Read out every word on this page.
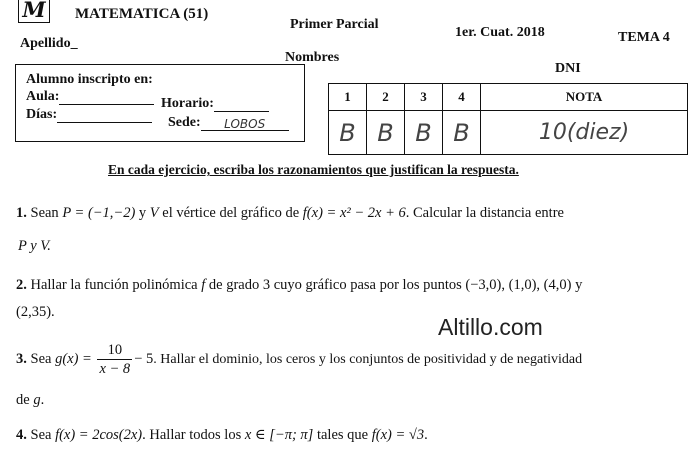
M MATEMATICA (51)
Primer Parcial
1er. Cuat. 2018	TEMA 4
Apellido_
Nombres
DNI
Alumno inscripto en:
Aula:	Horario:
Días:
Sede: LOBOS
1	2	3	4	NOTA
B	B	B	B	10(diez)
En cada ejercicio, escriba los razonamientos que justifican la respuesta.
1. Sean P = (−1,−2) y V el vértice del gráfico de f(x) = x² − 2x + 6. Calcular la distancia entre
P y V.
2. Hallar la función polinómica f de grado 3 cuyo gráfico pasa por los puntos (−3,0), (1,0), (4,0) y
(2,35).
Altillo.com
3. Sea $g(x) = \frac{10}{x - 8} - 5$. Hallar el dominio, los ceros y los conjuntos de positividad y de negatividad
de g.
4. Sea f(x) = 2cos(2x). Hallar todos los x ∈ [−π; π] tales que f(x) = √3.
